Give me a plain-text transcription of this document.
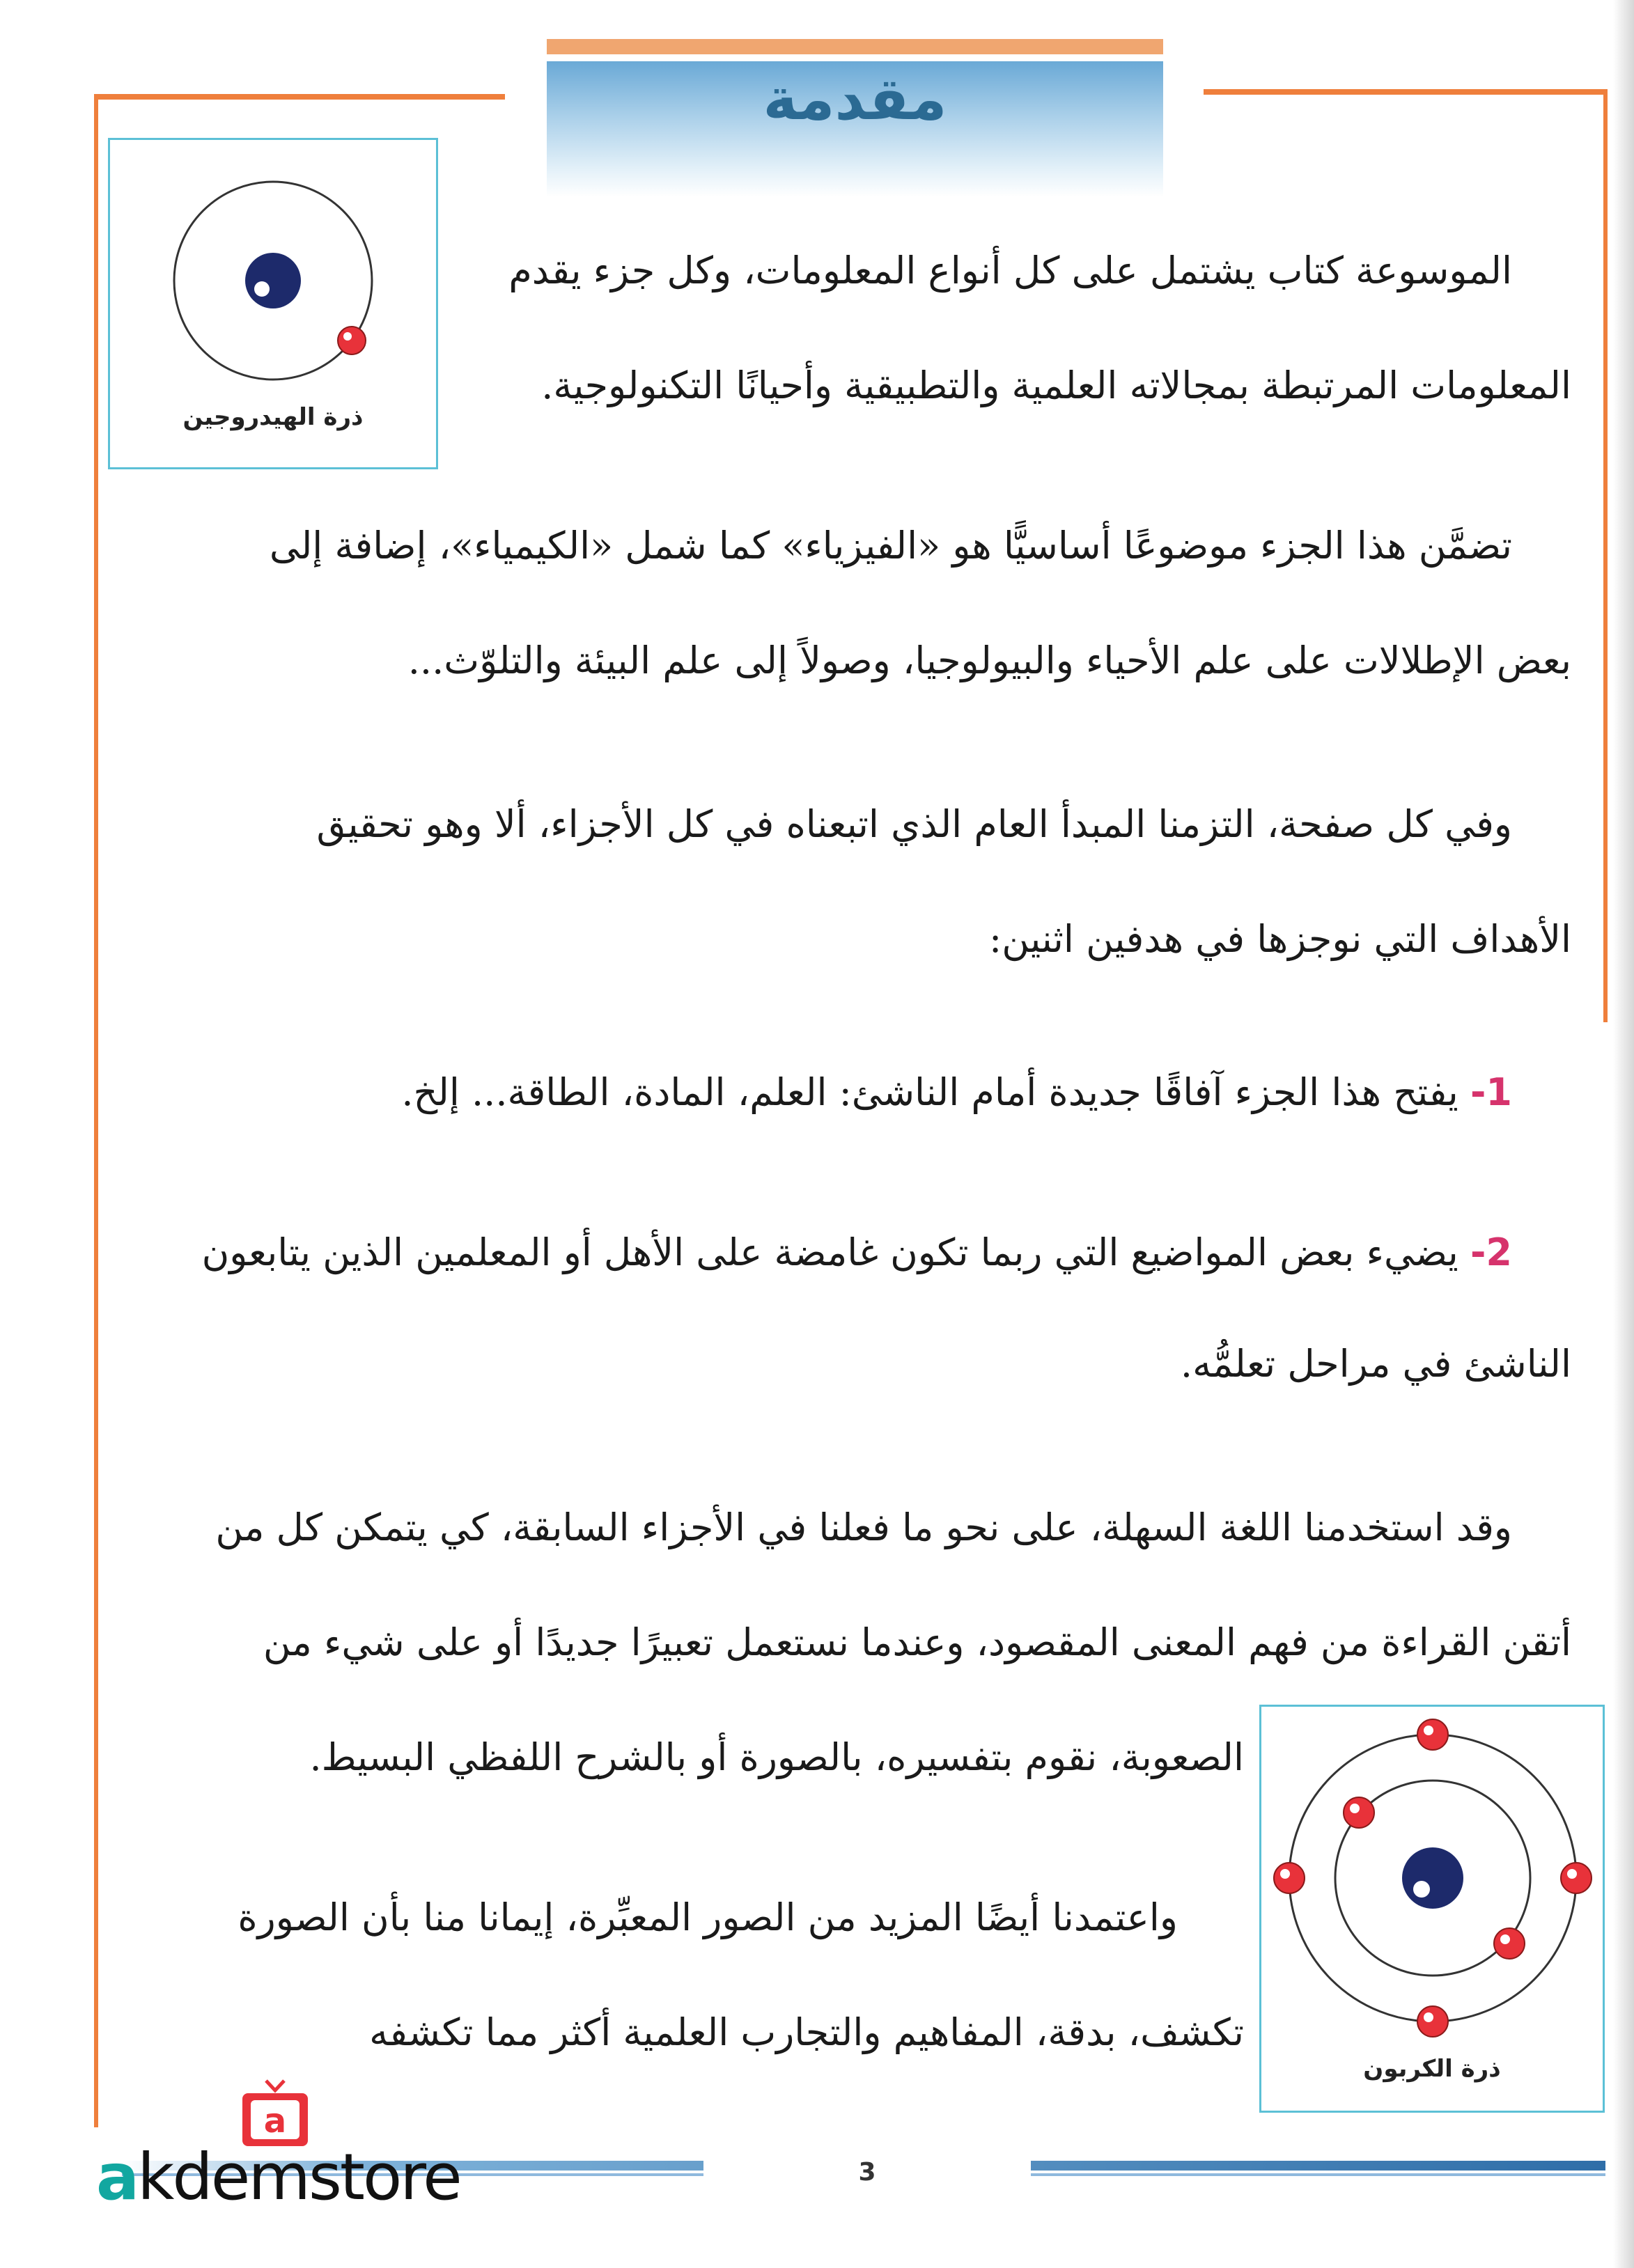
مقدمة
ذرة الهيدروجين
ذرة الكربون
الموسوعة كتاب يشتمل على كل أنواع المعلومات، وكل جزء يقدم
المعلومات المرتبطة بمجالاته العلمية والتطبيقية وأحيانًا التكنولوجية.
تضمَّن هذا الجزء موضوعًا أساسيًّا هو «الفيزياء» كما شمل «الكيمياء»، إضافة إلى
بعض الإطلالات على علم الأحياء والبيولوجيا، وصولاً إلى علم البيئة والتلوّث...
وفي كل صفحة، التزمنا المبدأ العام الذي اتبعناه في كل الأجزاء، ألا وهو تحقيق
الأهداف التي نوجزها في هدفين اثنين:
1- يفتح هذا الجزء آفاقًا جديدة أمام الناشئ: العلم، المادة، الطاقة... إلخ.
2- يضيء بعض المواضيع التي ربما تكون غامضة على الأهل أو المعلمين الذين يتابعون
الناشئ في مراحل تعلمُّه.
وقد استخدمنا اللغة السهلة، على نحو ما فعلنا في الأجزاء السابقة، كي يتمكن كل من
أتقن القراءة من فهم المعنى المقصود، وعندما نستعمل تعبيرًا جديدًا أو على شيء من
الصعوبة، نقوم بتفسيره، بالصورة أو بالشرح اللفظي البسيط.
واعتمدنا أيضًا المزيد من الصور المعبِّرة، إيمانا منا بأن الصورة
تكشف، بدقة، المفاهيم والتجارب العلمية أكثر مما تكشفه
3
a
akdemstore
